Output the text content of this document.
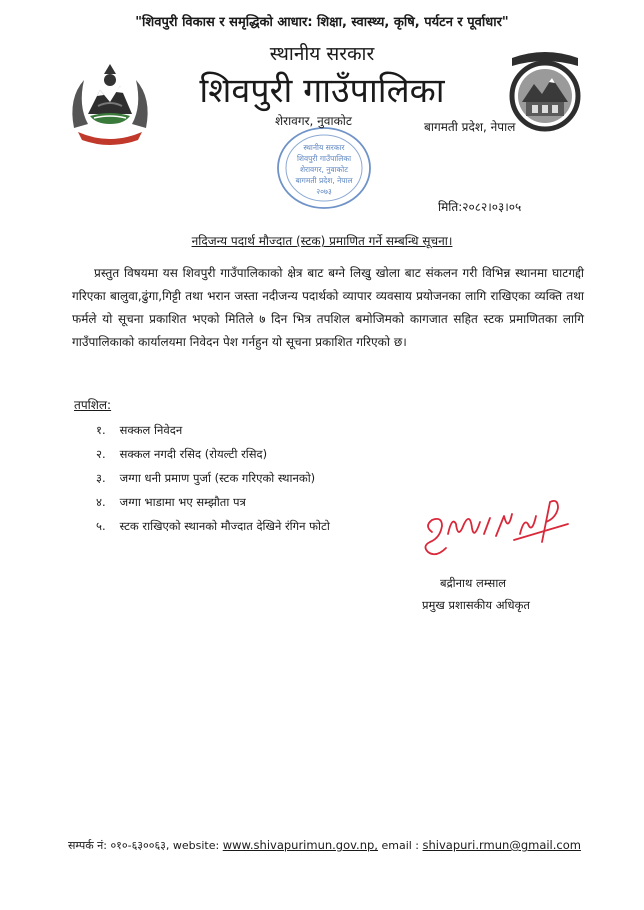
"शिवपुरी विकास र समृद्धिको आधार: शिक्षा, स्वास्थ्य, कृषि, पर्यटन र पूर्वाधार"
स्थानीय सरकार
शिवपुरी गाउँपालिका
स्थानीय सरकार
शिवपुरी गाउँपालिका
शेरावगर, नुवाकोट
बागमती प्रदेश, नेपाल
२०७३
शेरावगर, नुवाकोट	बागमती प्रदेश, नेपाल
मिति:२०८२।०३।०५
नदिजन्य पदार्थ मौज्दात (स्टक) प्रमाणित गर्ने सम्बन्धि सूचना।
प्रस्तुत विषयमा यस शिवपुरी गाउँपालिकाको क्षेत्र बाट बग्ने लिखु खोला बाट संकलन गरी विभिन्न स्थानमा घाटगद्दी गरिएका बालुवा,ढुंगा,गिट्टी तथा भरान जस्ता नदीजन्य पदार्थको व्यापार व्यवसाय प्रयोजनका लागि राखिएका व्यक्ति तथा फर्मले यो सूचना प्रकाशित भएको मितिले ७ दिन भित्र तपशिल बमोजिमको कागजात सहित स्टक प्रमाणितका लागि गाउँपालिकाको कार्यालयमा निवेदन पेश गर्नहुन यो सूचना प्रकाशित गरिएको छ।
तपशिल:
१. सक्कल निवेदन
२. सक्कल नगदी रसिद (रोयल्टी रसिद)
३. जग्गा धनी प्रमाण पुर्जा (स्टक गरिएको स्थानको)
४. जग्गा भाडामा भए सम्झौता पत्र
५. स्टक राखिएको स्थानको मौज्दात देखिने रंगिन फोटो
बद्रीनाथ लम्साल
प्रमुख प्रशासकीय अधिकृत
सम्पर्क नं: ०१०-६३००६३, website: www.shivapurimun.gov.np, email : shivapuri.rmun@gmail.com
